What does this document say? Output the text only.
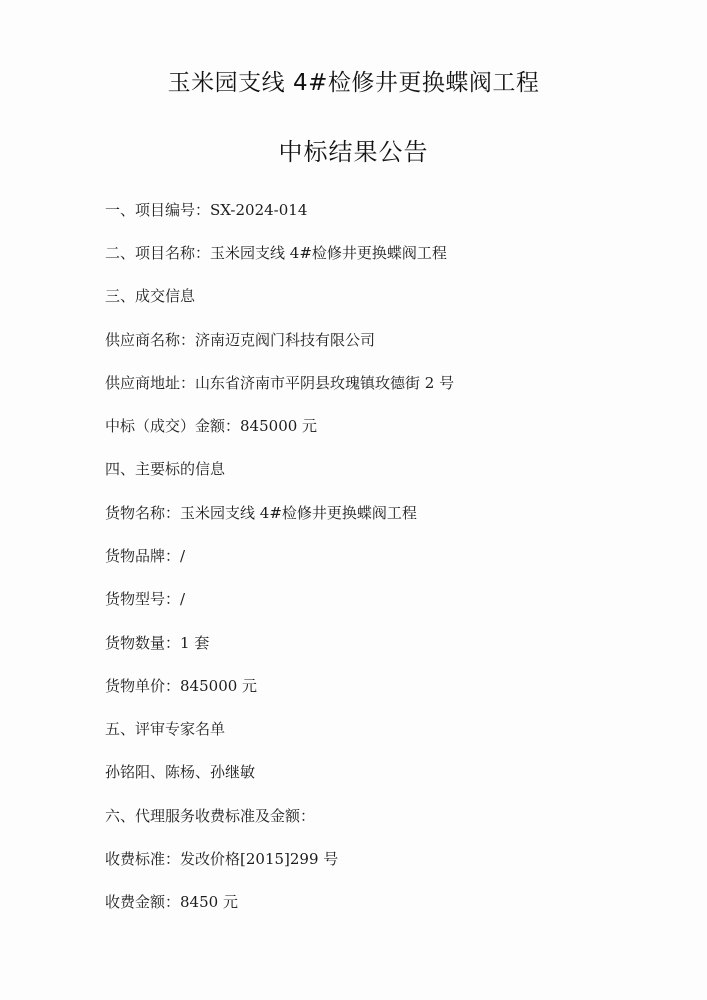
玉米园支线 4#检修井更换蝶阀工程
中标结果公告
一、项目编号：SX-2024-014
二、项目名称：玉米园支线 4#检修井更换蝶阀工程
三、成交信息
供应商名称：济南迈克阀门科技有限公司
供应商地址：山东省济南市平阴县玫瑰镇玫德街 2 号
中标（成交）金额：845000 元
四、主要标的信息
货物名称：玉米园支线 4#检修井更换蝶阀工程
货物品牌：/
货物型号：/
货物数量：1 套
货物单价：845000 元
五、评审专家名单
孙铭阳、陈杨、孙继敏
六、代理服务收费标准及金额：
收费标准：发改价格[2015]299 号
收费金额：8450 元
